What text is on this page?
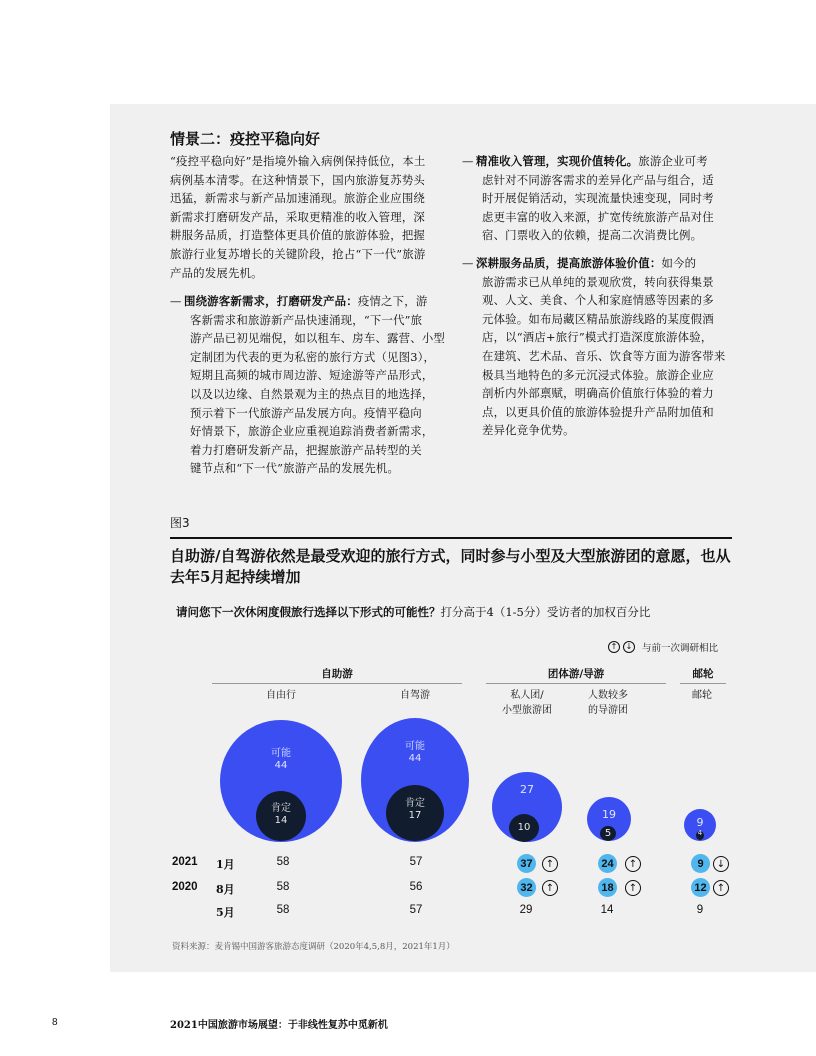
情景二：疫控平稳向好
“疫控平稳向好”是指境外输入病例保持低位，本土
病例基本清零。在这种情景下，国内旅游复苏势头
迅猛，新需求与新产品加速涌现。旅游企业应围绕
新需求打磨研发产品，采取更精准的收入管理，深
耕服务品质，打造整体更具价值的旅游体验，把握
旅游行业复苏增长的关键阶段，抢占“下一代”旅游
产品的发展先机。
— 围绕游客新需求，打磨研发产品：疫情之下，游
客新需求和旅游新产品快速涌现，“下一代”旅
游产品已初见端倪，如以租车、房车、露营、小型
定制团为代表的更为私密的旅行方式（见图3），
短期且高频的城市周边游、短途游等产品形式，
以及以边缘、自然景观为主的热点目的地选择，
预示着下一代旅游产品发展方向。疫情平稳向
好情景下，旅游企业应重视追踪消费者新需求，
着力打磨研发新产品，把握旅游产品转型的关
键节点和“下一代”旅游产品的发展先机。
— 精准收入管理，实现价值转化。旅游企业可考
虑针对不同游客需求的差异化产品与组合，适
时开展促销活动，实现流量快速变现，同时考
虑更丰富的收入来源，扩宽传统旅游产品对住
宿、门票收入的依赖，提高二次消费比例。
— 深耕服务品质，提高旅游体验价值：如今的
旅游需求已从单纯的景观欣赏，转向获得集景
观、人文、美食、个人和家庭情感等因素的多
元体验。如布局藏区精品旅游线路的某度假酒
店，以“酒店+旅行”模式打造深度旅游体验，
在建筑、艺术品、音乐、饮食等方面为游客带来
极具当地特色的多元沉浸式体验。旅游企业应
剖析内外部禀赋，明确高价值旅行体验的着力
点，以更具价值的旅游体验提升产品附加值和
差异化竞争优势。
图3
自助游/自驾游依然是最受欢迎的旅行方式，同时参与小型及大型旅游团的意愿，也从
去年5月起持续增加
请问您下一次休闲度假旅行选择以下形式的可能性？打分高于4（1-5分）受访者的加权百分比
↑	↓ 与前一次调研相比
自助游	团体游/导游	邮轮
自由行	自驾游	私人团/
小型旅游团
人数较多
的导游团
邮轮
可能
44
肯定
14
可能
44
肯定
17
27
10
19
5
9
4
2021 1月	58	57	37	↑	24	↑	9	↓
2020 8月	58	56	32	↑	18	↑	12	↑
5月	58	57	29	14	9
资料来源：麦肯锡中国游客旅游态度调研（2020年4,5,8月，2021年1月）
8	2021中国旅游市场展望：于非线性复苏中觅新机
